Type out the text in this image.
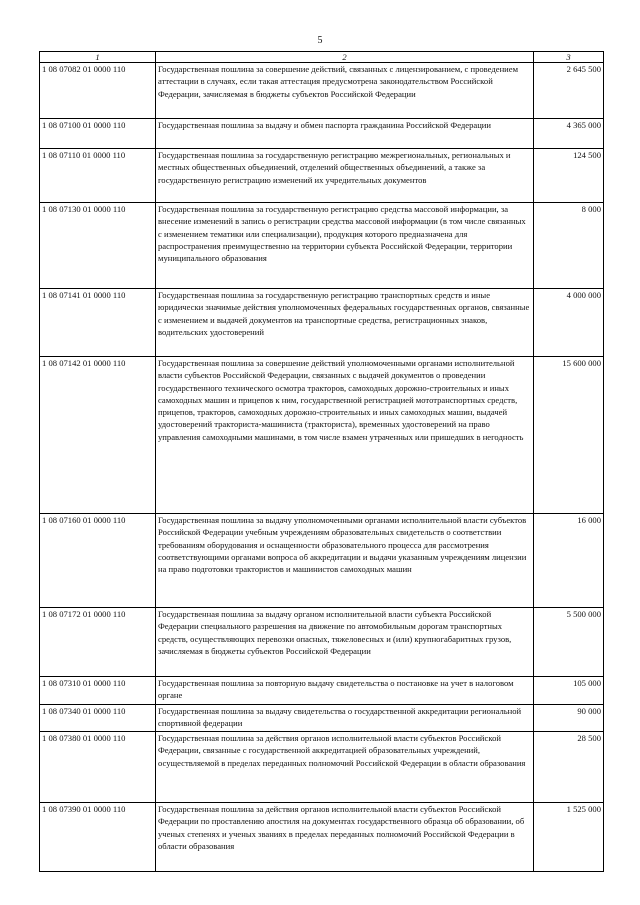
5
1	2	3
1 08 07082 01 0000 110	Государственная пошлина за совершение действий, связанных с лицензированием, с проведением аттестации в случаях, если такая аттестация предусмотрена законодательством Российской Федерации, зачисляемая в бюджеты субъектов Российской Федерации	2 645 500
1 08 07100 01 0000 110	Государственная пошлина за выдачу и обмен паспорта гражданина Российской Федерации	4 365 000
1 08 07110 01 0000 110	Государственная пошлина за государственную регистрацию межрегиональных, региональных и местных общественных объединений, отделений общественных объединений, а также за государственную регистрацию изменений их учредительных документов	124 500
1 08 07130 01 0000 110	Государственная пошлина за государственную регистрацию средства массовой информации, за внесение изменений в запись о регистрации средства массовой информации (в том числе связанных с изменением тематики или специализации), продукция которого предназначена для распространения преимущественно на территории субъекта Российской Федерации, территории муниципального образования	8 000
1 08 07141 01 0000 110	Государственная пошлина за государственную регистрацию транспортных средств и иные юридически значимые действия уполномоченных федеральных государственных органов, связанные с изменением и выдачей документов на транспортные средства, регистрационных знаков, водительских удостоверений	4 000 000
1 08 07142 01 0000 110	Государственная пошлина за совершение действий уполномоченными органами исполнительной власти субъектов Российской Федерации, связанных с выдачей документов о проведении государственного технического осмотра тракторов, самоходных дорожно-строительных и иных самоходных машин и прицепов к ним, государственной регистрацией мототранспортных средств, прицепов, тракторов, самоходных дорожно-строительных и иных самоходных машин, выдачей удостоверений тракториста-машиниста (тракториста), временных удостоверений на право управления самоходными машинами, в том числе взамен утраченных или пришедших в негодность	15 600 000
1 08 07160 01 0000 110	Государственная пошлина за выдачу уполномоченными органами исполнительной власти субъектов Российской Федерации учебным учреждениям образовательных свидетельств о соответствии требованиям оборудования и оснащенности образовательного процесса для рассмотрения соответствующими органами вопроса об аккредитации и выдачи указанным учреждениям лицензии на право подготовки трактористов и машинистов самоходных машин	16 000
1 08 07172 01 0000 110	Государственная пошлина за выдачу органом исполнительной власти субъекта Российской Федерации специального разрешения на движение по автомобильным дорогам транспортных средств, осуществляющих перевозки опасных, тяжеловесных и (или) крупногабаритных грузов, зачисляемая в бюджеты субъектов Российской Федерации	5 500 000
1 08 07310 01 0000 110	Государственная пошлина за повторную выдачу свидетельства о постановке на учет в налоговом органе	105 000
1 08 07340 01 0000 110	Государственная пошлина за выдачу свидетельства о государственной аккредитации региональной спортивной федерации	90 000
1 08 07380 01 0000 110	Государственная пошлина за действия органов исполнительной власти субъектов Российской Федерации, связанные с государственной аккредитацией образовательных учреждений, осуществляемой в пределах переданных полномочий Российской Федерации в области образования	28 500
1 08 07390 01 0000 110	Государственная пошлина за действия органов исполнительной власти субъектов Российской Федерации по проставлению апостиля на документах государственного образца об образовании, об ученых степенях и ученых званиях в пределах переданных полномочий Российской Федерации в области образования	1 525 000
